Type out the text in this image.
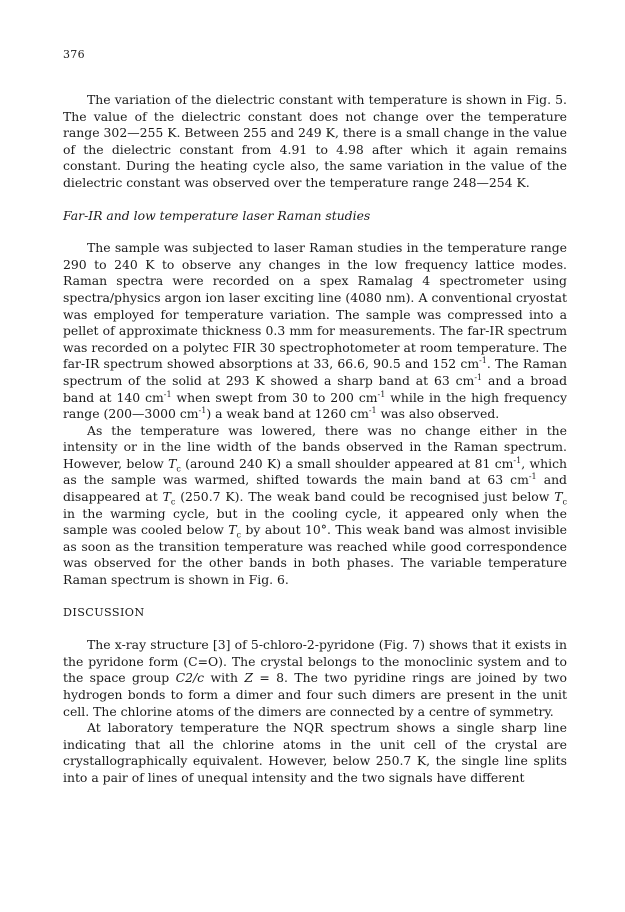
376

The variation of the dielectric constant with temperature is shown in Fig. 5. The value of the dielectric constant does not change over the temperature range 302—255 K. Between 255 and 249 K, there is a small change in the value of the dielectric constant from 4.91 to 4.98 after which it again remains constant. During the heating cycle also, the same variation in the value of the dielectric constant was observed over the temperature range 248—254 K.

Far-IR and low temperature laser Raman studies

The sample was subjected to laser Raman studies in the temperature range 290 to 240 K to observe any changes in the low frequency lattice modes. Raman spectra were recorded on a spex Ramalag 4 spectrometer using spectra/physics argon ion laser exciting line (4080 nm). A conventional cryostat was employed for temperature variation. The sample was compressed into a pellet of approximate thickness 0.3 mm for measurements. The far-IR spectrum was recorded on a polytec FIR 30 spectrophotometer at room temperature. The far-IR spectrum showed absorptions at 33, 66.6, 90.5 and 152 $cm^{-1}$. The Raman spectrum of the solid at 293 K showed a sharp band at 63 $cm^{-1}$ and a broad band at 140 $cm^{-1}$ when swept from 30 to 200 $cm^{-1}$ while in the high frequency range (200—3000 $cm^{-1}$) a weak band at 1260 $cm^{-1}$ was also observed.

As the temperature was lowered, there was no change either in the intensity or in the line width of the bands observed in the Raman spectrum. However, below $T_c$ (around 240 K) a small shoulder appeared at 81 $cm^{-1}$, which as the sample was warmed, shifted towards the main band at 63 $cm^{-1}$ and disappeared at $T_c$ (250.7 K). The weak band could be recognised just below $T_c$ in the warming cycle, but in the cooling cycle, it appeared only when the sample was cooled below $T_c$ by about 10°. This weak band was almost invisible as soon as the transition temperature was reached while good correspondence was observed for the other bands in both phases. The variable temperature Raman spectrum is shown in Fig. 6.

DISCUSSION

The x-ray structure [3] of 5-chloro-2-pyridone (Fig. 7) shows that it exists in the pyridone form (C=O). The crystal belongs to the monoclinic system and to the space group C2/c with Z = 8. The two pyridine rings are joined by two hydrogen bonds to form a dimer and four such dimers are present in the unit cell. The chlorine atoms of the dimers are connected by a centre of symmetry.

At laboratory temperature the NQR spectrum shows a single sharp line indicating that all the chlorine atoms in the unit cell of the crystal are crystallographically equivalent. However, below 250.7 K, the single line splits into a pair of lines of unequal intensity and the two signals have different
